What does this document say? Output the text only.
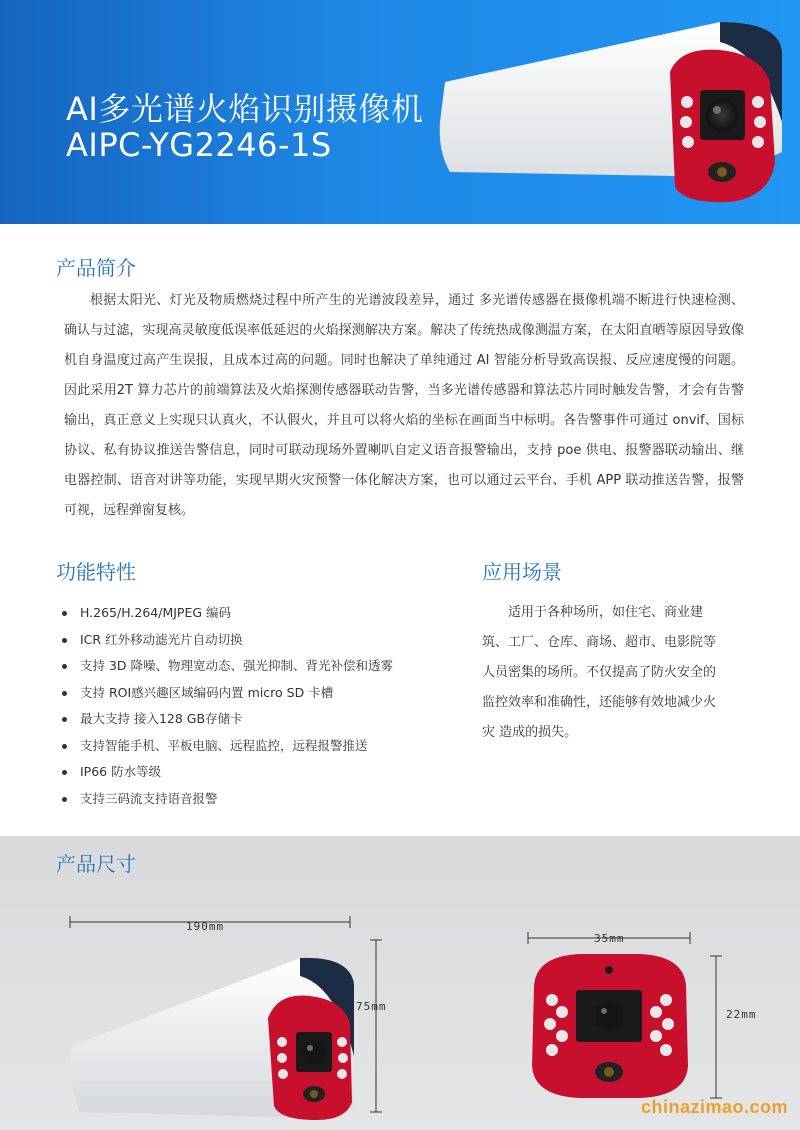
AI多光谱火焰识别摄像机
AIPC-YG2246-1S
产品简介
根据太阳光、灯光及物质燃烧过程中所产生的光谱波段差异，通过 多光谱传感器在摄像机端不断进行快速检测、确认与过滤，实现高灵敏度低误率低延迟的火焰探测解决方案。解决了传统热成像测温方案，在太阳直晒等原因导致像机自身温度过高产生误报，且成本过高的问题。同时也解决了单纯通过 AI 智能分析导致高误报、反应速度慢的问题。因此采用2T 算力芯片的前端算法及火焰探测传感器联动告警，当多光谱传感器和算法芯片同时触发告警，才会有告警输出，真正意义上实现只认真火，不认假火，并且可以将火焰的坐标在画面当中标明。各告警事件可通过 onvif、国标协议、私有协议推送告警信息，同时可联动现场外置喇叭自定义语音报警输出，支持 poe 供电、报警器联动输出、继电器控制、语音对讲等功能，实现早期火灾预警一体化解决方案，也可以通过云平台、手机 APP 联动推送告警，报警可视，远程弹窗复核。
功能特性
H.265/H.264/MJPEG 编码
ICR 红外移动滤光片自动切换
支持 3D 降噪、物理宽动态、强光抑制、背光补偿和透雾
支持 ROI感兴趣区域编码内置 micro SD 卡槽
最大支持 接入128 GB存储卡
支持智能手机、平板电脑、远程监控，远程报警推送
IP66 防水等级
支持三码流支持语音报警
应用场景
适用于各种场所，如住宅、商业建筑、工厂、仓库、商场、超市、电影院等人员密集的场所。不仅提高了防火安全的监控效率和准确性，还能够有效地减少火灾 造成的损失。
产品尺寸
190mm
75mm
35mm
22mm
chinazimao.com
